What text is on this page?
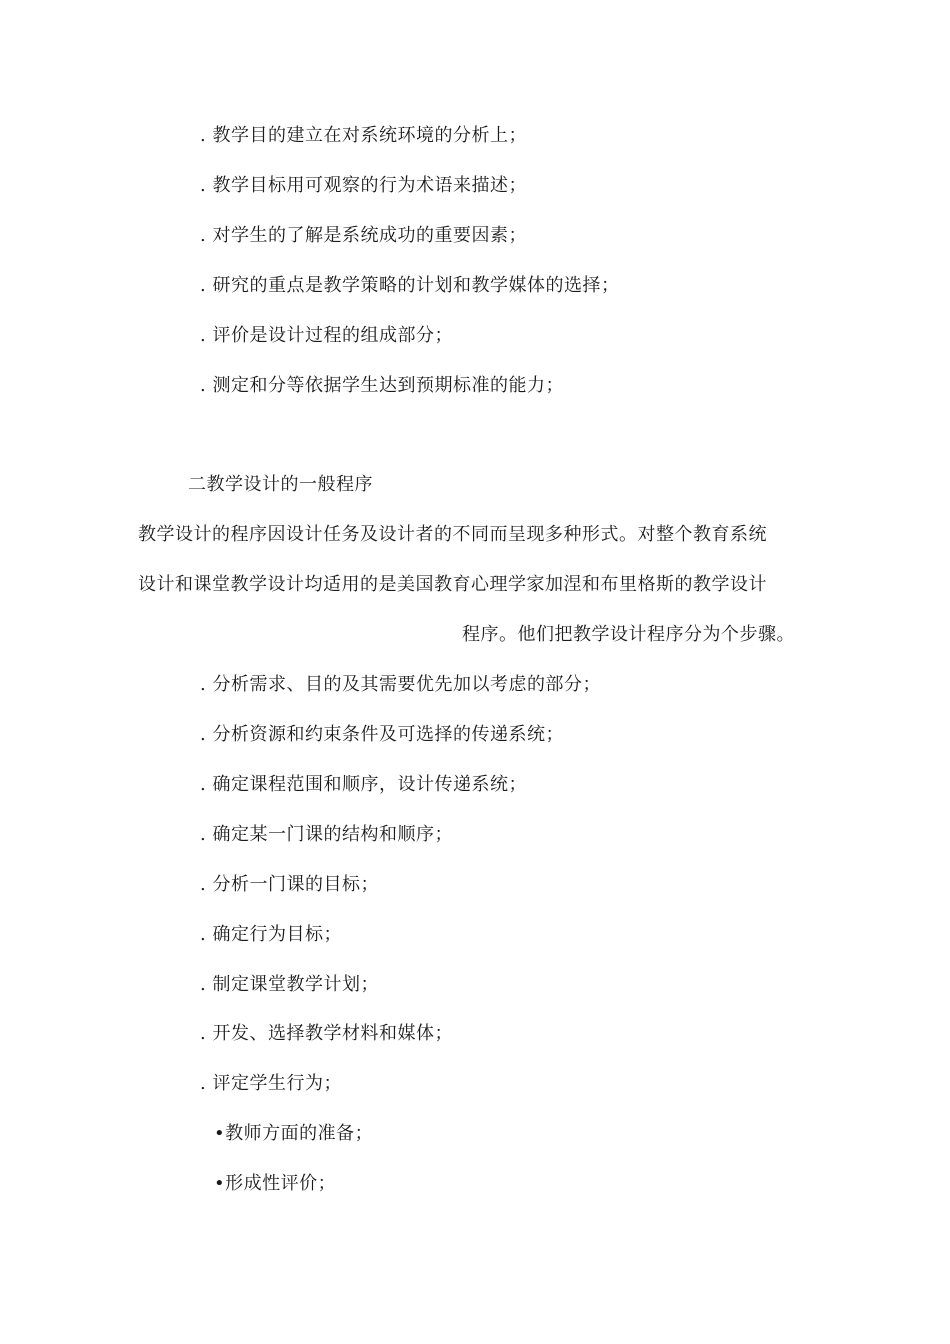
. 教学目的建立在对系统环境的分析上；
. 教学目标用可观察的行为术语来描述；
. 对学生的了解是系统成功的重要因素；
. 研究的重点是教学策略的计划和教学媒体的选择；
. 评价是设计过程的组成部分；
. 测定和分等依据学生达到预期标准的能力；
二教学设计的一般程序
教学设计的程序因设计任务及设计者的不同而呈现多种形式。对整个教育系统
设计和课堂教学设计均适用的是美国教育心理学家加涅和布里格斯的教学设计
程序。他们把教学设计程序分为个步骤。
. 分析需求、目的及其需要优先加以考虑的部分；
. 分析资源和约束条件及可选择的传递系统；
. 确定课程范围和顺序，设计传递系统；
. 确定某一门课的结构和顺序；
. 分析一门课的目标；
. 确定行为目标；
. 制定课堂教学计划；
. 开发、选择教学材料和媒体；
. 评定学生行为；
•教师方面的准备；
•形成性评价；
